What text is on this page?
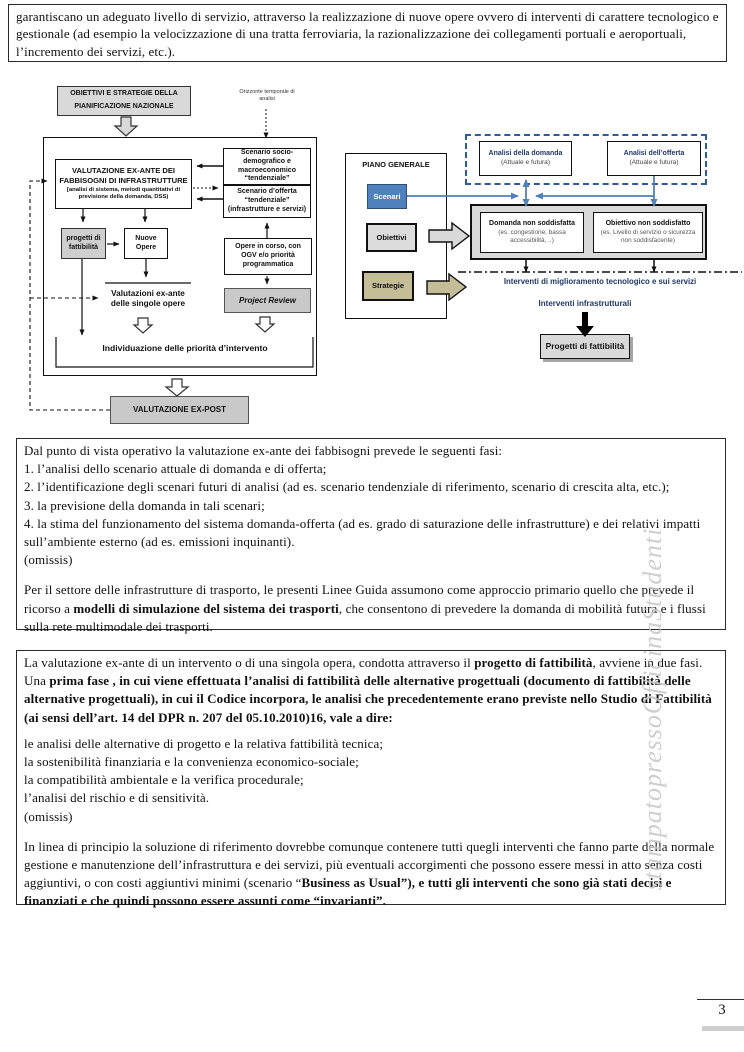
garantiscano un adeguato livello di servizio, attraverso la realizzazione di nuove opere ovvero di interventi di carattere tecnologico e gestionale (ad esempio la velocizzazione di una tratta ferroviaria, la razionalizzazione dei collegamenti portuali e aeroportuali, l’incremento dei servizi, etc.).

OBIETTIVI E STRATEGIE DELLA
PIANIFICAZIONE NAZIONALE
Orizzonte temporale di analisi
VALUTAZIONE EX-ANTE DEI FABBISOGNI DI INFRASTRUTTURE
[analisi di sistema, metodi quantitativi di previsione della domanda, DSS)
Scenario socio-demografico e macroeconomico “tendenziale”
Scenario d’offerta “tendenziale” (infrastrutture e servizi)
progetti di fattibilità
Nuove Opere	Opere in corso, con OGV e/o priorità programmatica
Valutazioni ex-ante delle singole opere	Project Review
Individuazione delle priorità d’intervento
VALUTAZIONE EX-POST
PIANO GENERALE
Scenari
Obiettivi
Strategie
Analisi della domanda
(Attuale e futura)
Analisi dell’offerta
(Attuale e futura)
Domanda non soddisfatta
(es. congestione, bassa accessibilità, ..)
Obiettivo non soddisfatto
(es. Livello di servizio o sicurezza non soddisfacente)
Interventi di miglioramento tecnologico e sui servizi
Interventi infrastrutturali
Progetti di fattibilità

Dal punto di vista operativo la valutazione ex-ante dei fabbisogni prevede le seguenti fasi:

1. l’analisi dello scenario attuale di domanda e di offerta;

2. l’identificazione degli scenari futuri di analisi (ad es. scenario tendenziale di riferimento, scenario di crescita alta, etc.);

3. la previsione della domanda in tali scenari;

4. la stima del funzionamento del sistema domanda-offerta (ad es. grado di saturazione delle infrastrutture) e dei relativi impatti sull’ambiente esterno (ad es. emissioni inquinanti).

(omissis)

Per il settore delle infrastrutture di trasporto, le presenti Linee Guida assumono come approccio primario quello che prevede il ricorso a modelli di simulazione del sistema dei trasporti, che consentono di prevedere la domanda di mobilità futura e i flussi sulla rete multimodale dei trasporti.

La valutazione ex-ante di un intervento o di una singola opera, condotta attraverso il progetto di fattibilità, avviene in due fasi. Una prima fase , in cui viene effettuata l’analisi di fattibilità delle alternative progettuali (documento di fattibilità delle alternative progettuali), in cui il Codice incorpora, le analisi che precedentemente erano previste nello Studio di Fattibilità (ai sensi dell’art. 14 del DPR n. 207 del 05.10.2010)16, vale a dire:

le analisi delle alternative di progetto e la relativa fattibilità tecnica;

la sostenibilità finanziaria e la convenienza economico-sociale;

la compatibilità ambientale e la verifica procedurale;

l’analisi del rischio e di sensitività.

(omissis)

In linea di principio la soluzione di riferimento dovrebbe comunque contenere tutti quegli interventi che fanno parte della normale gestione e manutenzione dell’infrastruttura e dei servizi, più eventuali accorgimenti che possono essere messi in atto senza costi aggiuntivi, o con costi aggiuntivi minimi (scenario “Business as Usual”), e tutti gli interventi che sono già stati decisi e finanziati e che quindi possono essere assunti come “invarianti”.

stampatopressoOfficinaStudenti
3
